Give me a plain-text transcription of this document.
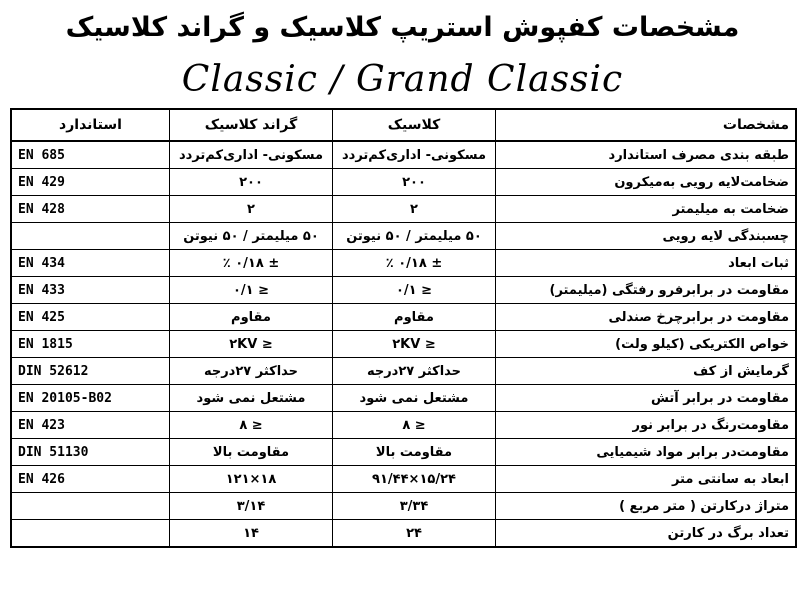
مشخصات کفپوش استریپ کلاسیک و گراند کلاسیک
Classic / Grand Classic
استاندارد	گراند کلاسیک	کلاسیک	مشخصات
EN 685	مسکونی- اداری‌کم‌تردد	مسکونی- اداری‌کم‌تردد	طبقه بندی مصرف استاندارد
EN 429	۲۰۰	۲۰۰	ضخامت‌لایه رویی به‌میکرون
EN 428	۲	۲	ضخامت به میلیمتر
	۵۰ میلیمتر / ۵۰ نیوتن	۵۰ میلیمتر / ۵۰ نیوتن	چسبندگی لایه رویی
EN 434	± ۰/۱۸ ٪	± ۰/۱۸ ٪	ثبات ابعاد
EN 433	≤ ۰/۱	≤ ۰/۱	مقاومت در برابرفرو رفتگی (میلیمتر)
EN 425	مقاوم	مقاوم	مقاومت در برابرچرخ صندلی
EN 1815	≤ ۲KV	≤ ۲KV	خواص الکتریکی (کیلو ولت)
DIN 52612	حداکثر ۲۷درجه	حداکثر ۲۷درجه	گرمایش از کف
EN 20105-B02	مشتعل نمی شود	مشتعل نمی شود	مقاومت در برابر آتش
EN 423	≤ ۸	≤ ۸	مقاومت‌رنگ در برابر نور
DIN 51130	مقاومت بالا	مقاومت بالا	مقاومت‌در برابر مواد شیمیایی
EN 426	۱۸×۱۲۱	۱۵/۲۴×۹۱/۴۴	ابعاد به سانتی متر
	۳/۱۴	۳/۳۴	متراژ درکارتن ( متر مربع )
	۱۴	۲۴	تعداد برگ در کارتن
